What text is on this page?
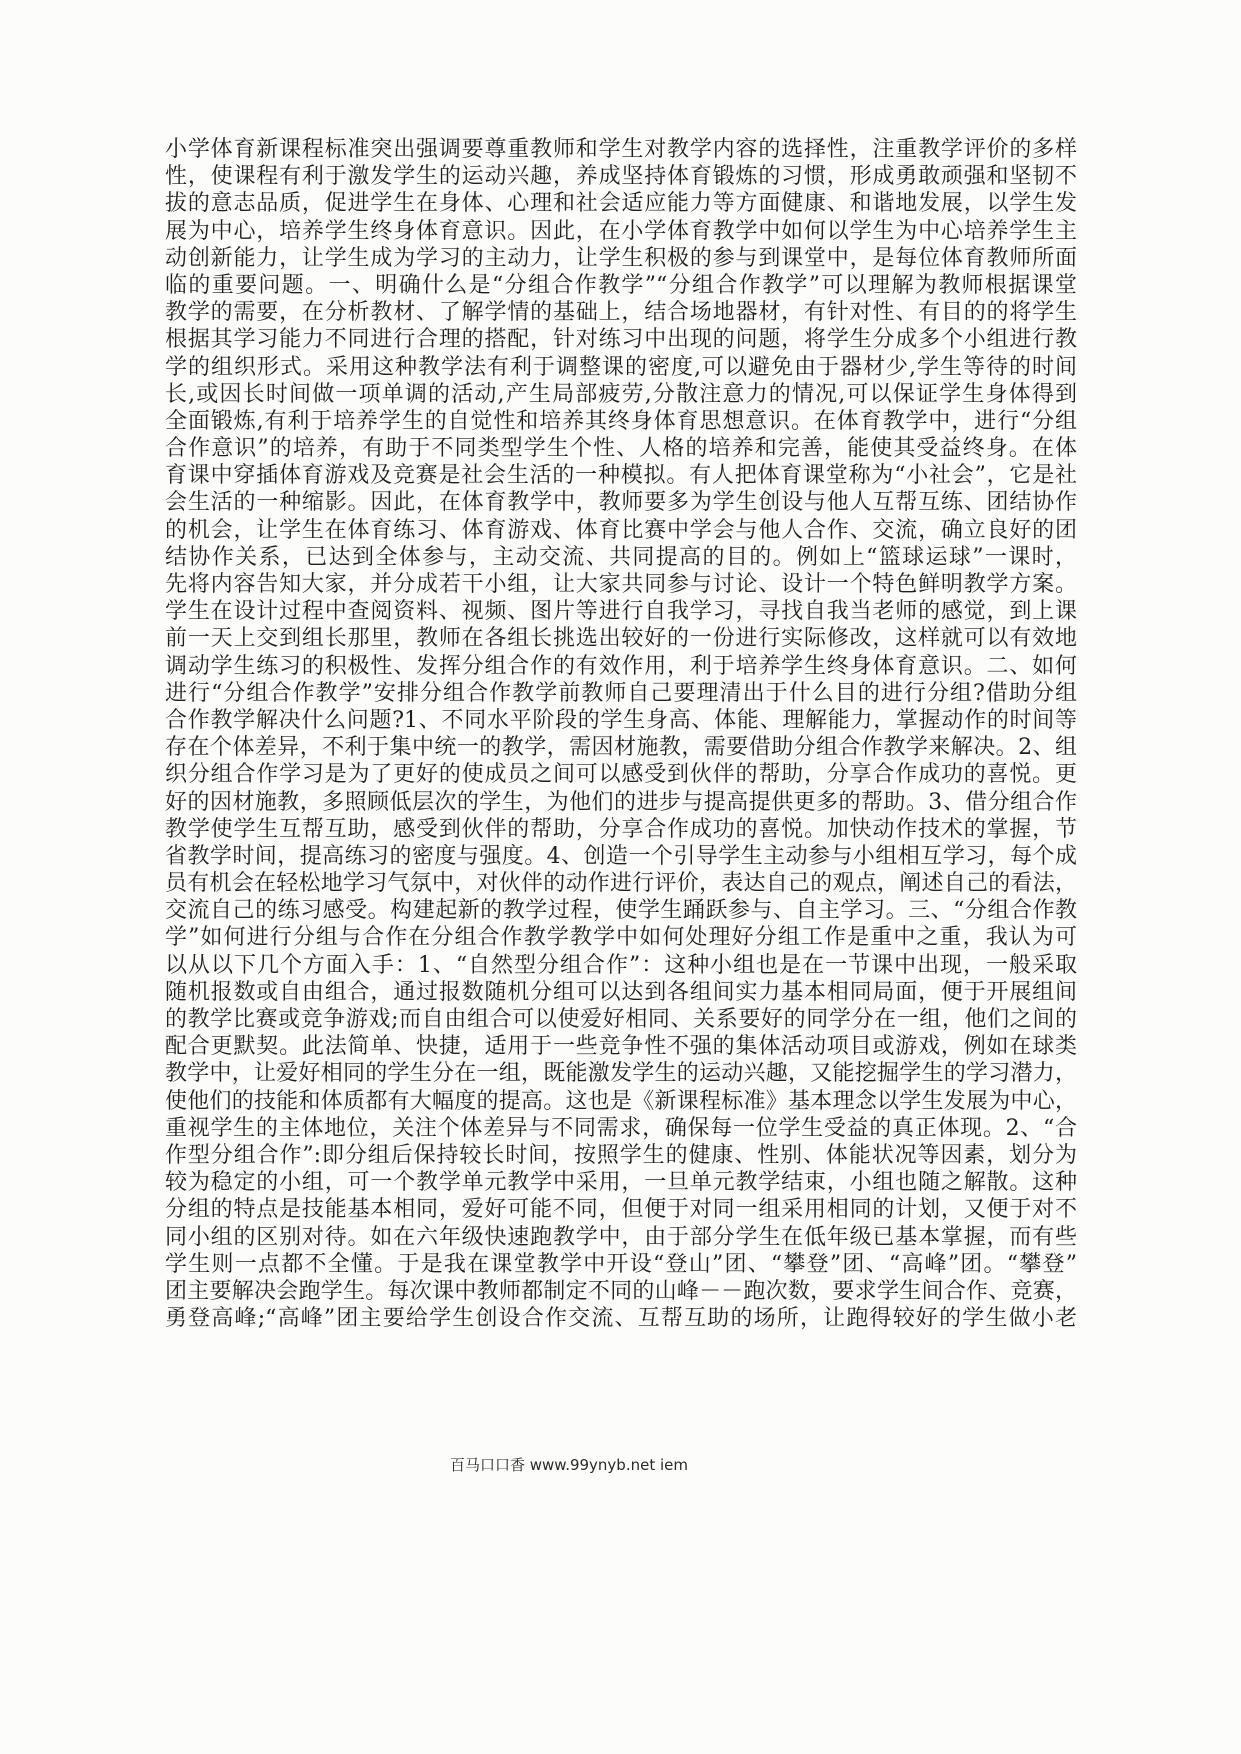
小学体育新课程标准突出强调要尊重教师和学生对教学内容的选择性，注重教学评价的多样
性，使课程有利于激发学生的运动兴趣，养成坚持体育锻炼的习惯，形成勇敢顽强和坚韧不
拔的意志品质，促进学生在身体、心理和社会适应能力等方面健康、和谐地发展，以学生发
展为中心，培养学生终身体育意识。因此，在小学体育教学中如何以学生为中心培养学生主
动创新能力，让学生成为学习的主动力，让学生积极的参与到课堂中，是每位体育教师所面
临的重要问题。一、明确什么是“分组合作教学”“分组合作教学”可以理解为教师根据课堂
教学的需要，在分析教材、了解学情的基础上，结合场地器材，有针对性、有目的的将学生
根据其学习能力不同进行合理的搭配，针对练习中出现的问题，将学生分成多个小组进行教
学的组织形式。采用这种教学法有利于调整课的密度,可以避免由于器材少,学生等待的时间
长,或因长时间做一项单调的活动,产生局部疲劳,分散注意力的情况,可以保证学生身体得到
全面锻炼,有利于培养学生的自觉性和培养其终身体育思想意识。在体育教学中，进行“分组
合作意识”的培养，有助于不同类型学生个性、人格的培养和完善，能使其受益终身。在体
育课中穿插体育游戏及竞赛是社会生活的一种模拟。有人把体育课堂称为“小社会”，它是社
会生活的一种缩影。因此，在体育教学中，教师要多为学生创设与他人互帮互练、团结协作
的机会，让学生在体育练习、体育游戏、体育比赛中学会与他人合作、交流，确立良好的团
结协作关系，已达到全体参与，主动交流、共同提高的目的。例如上“篮球运球”一课时，
先将内容告知大家，并分成若干小组，让大家共同参与讨论、设计一个特色鲜明教学方案。
学生在设计过程中查阅资料、视频、图片等进行自我学习，寻找自我当老师的感觉，到上课
前一天上交到组长那里，教师在各组长挑选出较好的一份进行实际修改，这样就可以有效地
调动学生练习的积极性、发挥分组合作的有效作用，利于培养学生终身体育意识。二、如何
进行“分组合作教学”安排分组合作教学前教师自己要理清出于什么目的进行分组?借助分组
合作教学解决什么问题?1、不同水平阶段的学生身高、体能、理解能力，掌握动作的时间等
存在个体差异，不利于集中统一的教学，需因材施教，需要借助分组合作教学来解决。2、组
织分组合作学习是为了更好的使成员之间可以感受到伙伴的帮助，分享合作成功的喜悦。更
好的因材施教，多照顾低层次的学生，为他们的进步与提高提供更多的帮助。3、借分组合作
教学使学生互帮互助，感受到伙伴的帮助，分享合作成功的喜悦。加快动作技术的掌握，节
省教学时间，提高练习的密度与强度。4、创造一个引导学生主动参与小组相互学习，每个成
员有机会在轻松地学习气氛中，对伙伴的动作进行评价，表达自己的观点，阐述自己的看法，
交流自己的练习感受。构建起新的教学过程，使学生踊跃参与、自主学习。三、“分组合作教
学”如何进行分组与合作在分组合作教学教学中如何处理好分组工作是重中之重，我认为可
以从以下几个方面入手：1、“自然型分组合作”：这种小组也是在一节课中出现，一般采取
随机报数或自由组合，通过报数随机分组可以达到各组间实力基本相同局面，便于开展组间
的教学比赛或竞争游戏;而自由组合可以使爱好相同、关系要好的同学分在一组，他们之间的
配合更默契。此法简单、快捷，适用于一些竞争性不强的集体活动项目或游戏，例如在球类
教学中，让爱好相同的学生分在一组，既能激发学生的运动兴趣，又能挖掘学生的学习潜力，
使他们的技能和体质都有大幅度的提高。这也是《新课程标准》基本理念以学生发展为中心，
重视学生的主体地位，关注个体差异与不同需求，确保每一位学生受益的真正体现。2、“合
作型分组合作”:即分组后保持较长时间，按照学生的健康、性别、体能状况等因素，划分为
较为稳定的小组，可一个教学单元教学中采用，一旦单元教学结束，小组也随之解散。这种
分组的特点是技能基本相同，爱好可能不同，但便于对同一组采用相同的计划，又便于对不
同小组的区别对待。如在六年级快速跑教学中，由于部分学生在低年级已基本掌握，而有些
学生则一点都不全懂。于是我在课堂教学中开设“登山”团、“攀登”团、“高峰”团。“攀登”
团主要解决会跑学生。每次课中教师都制定不同的山峰－－跑次数，要求学生间合作、竞赛，
勇登高峰;“高峰”团主要给学生创设合作交流、互帮互助的场所，让跑得较好的学生做小老
百马口口香 www.99ynyb.net iem
